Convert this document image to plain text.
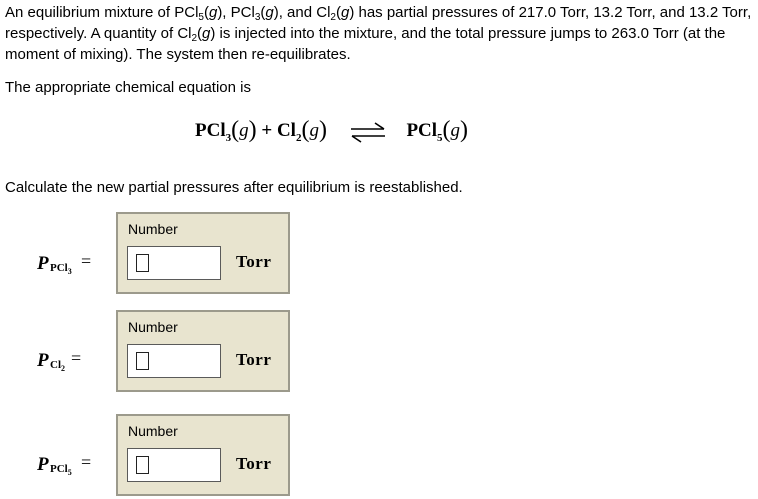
An equilibrium mixture of PCl$_5$(g), PCl$_3$(g), and $Cl_2(g)$ has partial pressures of 217.0 Torr, 13.2 Torr, and 13.2 Torr, respectively. A quantity of $Cl_2(g)$ is injected into the mixture, and the total pressure jumps to 263.0 Torr (at the moment of mixing). The system then re-equilibrates.
The appropriate chemical equation is
$PCl_3(g) + Cl_2(g)$ ⇌ PCl$_5$(g)
Calculate the new partial pressures after equilibrium is reestablished.
P PCl$_3$
=
Number
Torr
P $Cl_2$
=
Number
Torr
P PCl$_5$
=
Number
Torr
